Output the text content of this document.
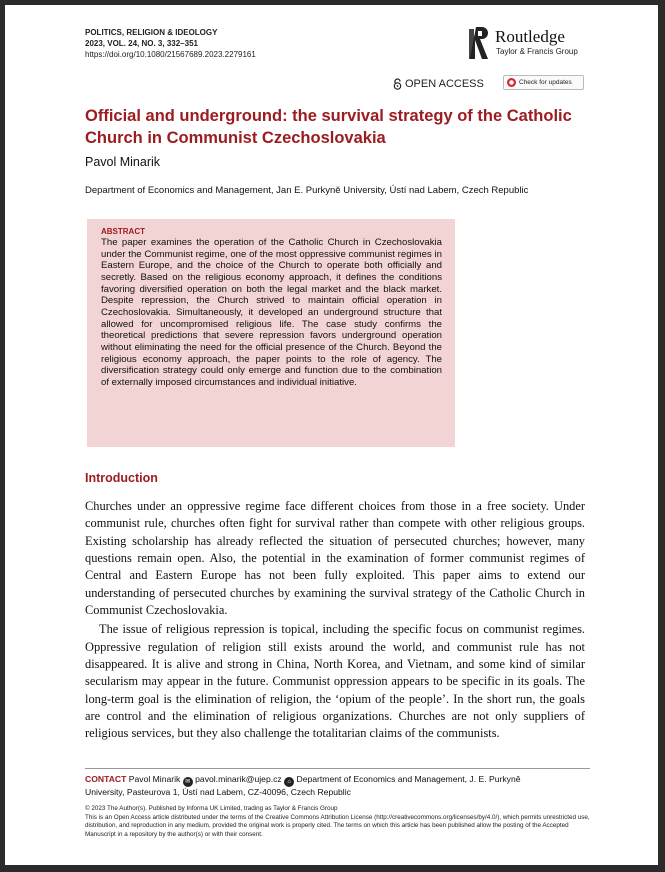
POLITICS, RELIGION & IDEOLOGY
2023, VOL. 24, NO. 3, 332–351
https://doi.org/10.1080/21567689.2023.2279161
Routledge
Taylor & Francis Group
OPEN ACCESS	Check for updates
Official and underground: the survival strategy of the Catholic Church in Communist Czechoslovakia
Pavol Minarik
Department of Economics and Management, Jan E. Purkyně University, Ústí nad Labem, Czech Republic
ABSTRACT
The paper examines the operation of the Catholic Church in Czechoslovakia under the Communist regime, one of the most oppressive communist regimes in Eastern Europe, and the choice of the Church to operate both officially and secretly. Based on the religious economy approach, it defines the conditions favoring diversified operation on both the legal market and the black market. Despite repression, the Church strived to maintain official operation in Czechoslovakia. Simultaneously, it developed an underground structure that allowed for uncompromised religious life. The case study confirms the theoretical predictions that severe repression favors underground operation without eliminating the need for the official presence of the Church. Beyond the religious economy approach, the paper points to the role of agency. The diversification strategy could only emerge and function due to the combination of externally imposed circumstances and individual initiative.
Introduction

Churches under an oppressive regime face different choices from those in a free society. Under communist rule, churches often fight for survival rather than compete with other religious groups. Existing scholarship has already reflected the situation of persecuted churches; however, many questions remain open. Also, the potential in the examination of former communist regimes of Central and Eastern Europe has not been fully exploited. This paper aims to extend our understanding of persecuted churches by examining the survival strategy of the Catholic Church in Communist Czechoslovakia.

The issue of religious repression is topical, including the specific focus on communist regimes. Oppressive regulation of religion still exists around the world, and communist rule has not disappeared. It is alive and strong in China, North Korea, and Vietnam, and some kind of similar secularism may appear in the future. Communist oppression appears to be specific in its goals. The long-term goal is the elimination of religion, the ‘opium of the people’. In the short run, the goals are control and the elimination of religious organizations. Churches are not only suppliers of religious services, but they also challenge the totalitarian claims of the communists.

CONTACT Pavol Minarik ✉ pavol.minarik@ujep.cz ⌂ Department of Economics and Management, J. E. Purkyně
University, Pasteurova 1, Ústí nad Labem, CZ-40096, Czech Republic
© 2023 The Author(s). Published by Informa UK Limited, trading as Taylor & Francis Group
This is an Open Access article distributed under the terms of the Creative Commons Attribution License (http://creativecommons.org/licenses/by/4.0/), which permits unrestricted use, distribution, and reproduction in any medium, provided the original work is properly cited. The terms on which this article has been published allow the posting of the Accepted Manuscript in a repository by the author(s) or with their consent.
